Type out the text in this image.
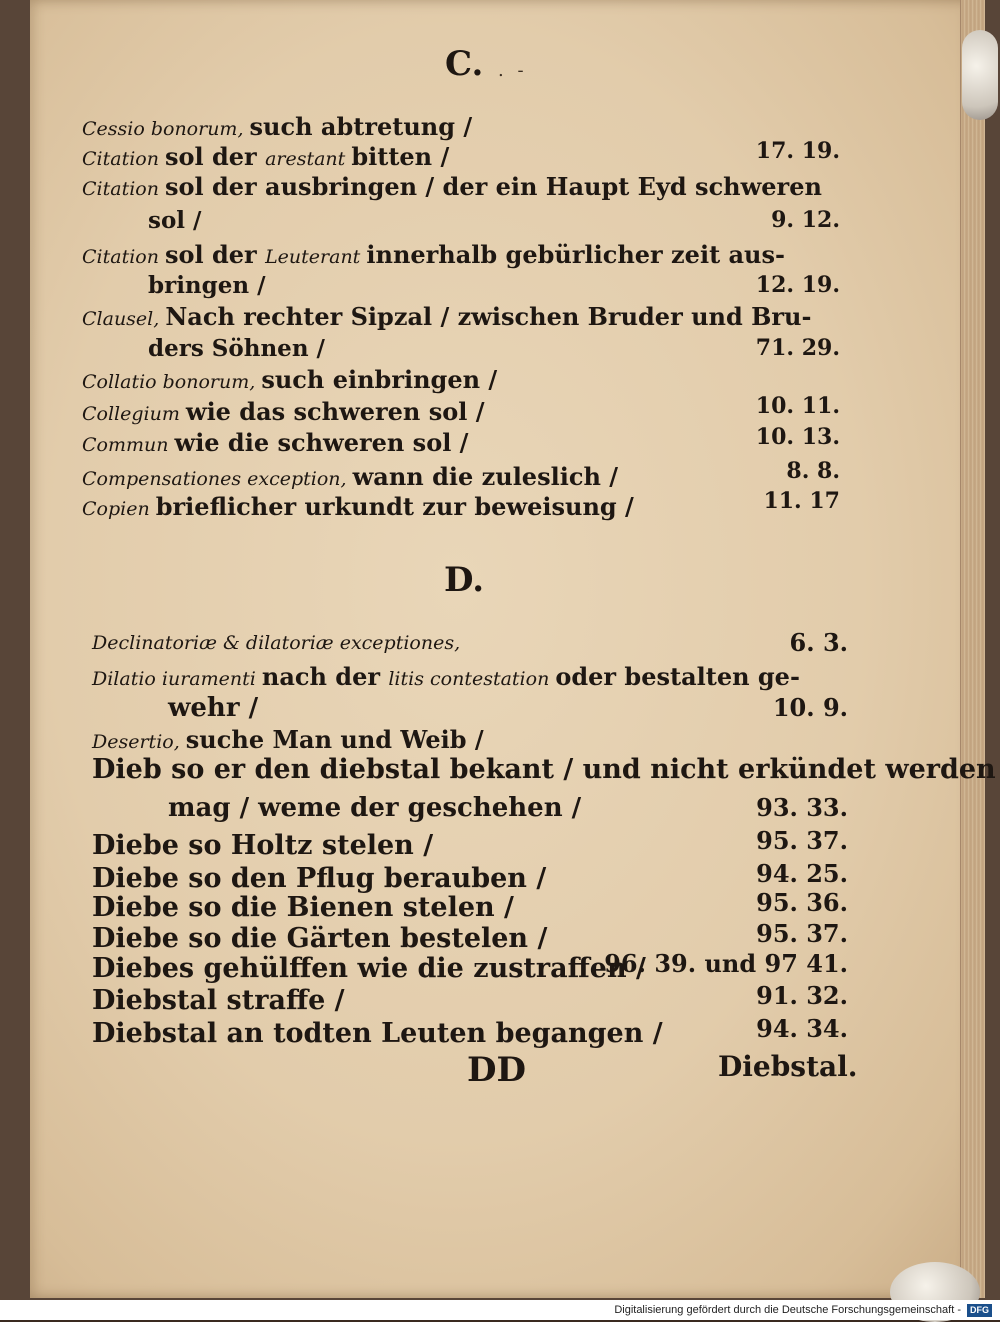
C. . -
Cessio bonorum, such abtretung /
Citation sol der arestant bitten /	17. 19.
Citation sol der ausbringen / der ein Haupt Eyd schweren
sol /	9. 12.
Citation sol der Leuterant innerhalb gebürlicher zeit aus-
bringen /	12. 19.
Clausel, Nach rechter Sipzal / zwischen Bruder und Bru-
ders Söhnen /	71. 29.
Collatio bonorum, such einbringen /
Collegium wie das schweren sol /	10. 11.
Commun wie die schweren sol /	10. 13.
Compensationes exception, wann die zuleslich /	8. 8.
Copien brieflicher urkundt zur beweisung /	11. 17
D.
Declinatoriæ & dilatoriæ exceptiones,	6. 3.
Dilatio iuramenti nach der litis contestation oder bestalten ge-
wehr /	10. 9.
Desertio, suche Man und Weib /
Dieb so er den diebstal bekant / und nicht erkündet werden
mag / weme der geschehen /	93. 33.
Diebe so Holtz stelen /	95. 37.
Diebe so den Pflug berauben /	94. 25.
Diebe so die Bienen stelen /	95. 36.
Diebe so die Gärten bestelen /	95. 37.
Diebes gehülffen wie die zustraffen /
96. 39. und 97 41.
Diebstal straffe /	91. 32.
Diebstal an todten Leuten begangen /	94. 34.
DD	Diebstal.
Digitalisierung gefördert durch die Deutsche Forschungsgemeinschaft - DFG
